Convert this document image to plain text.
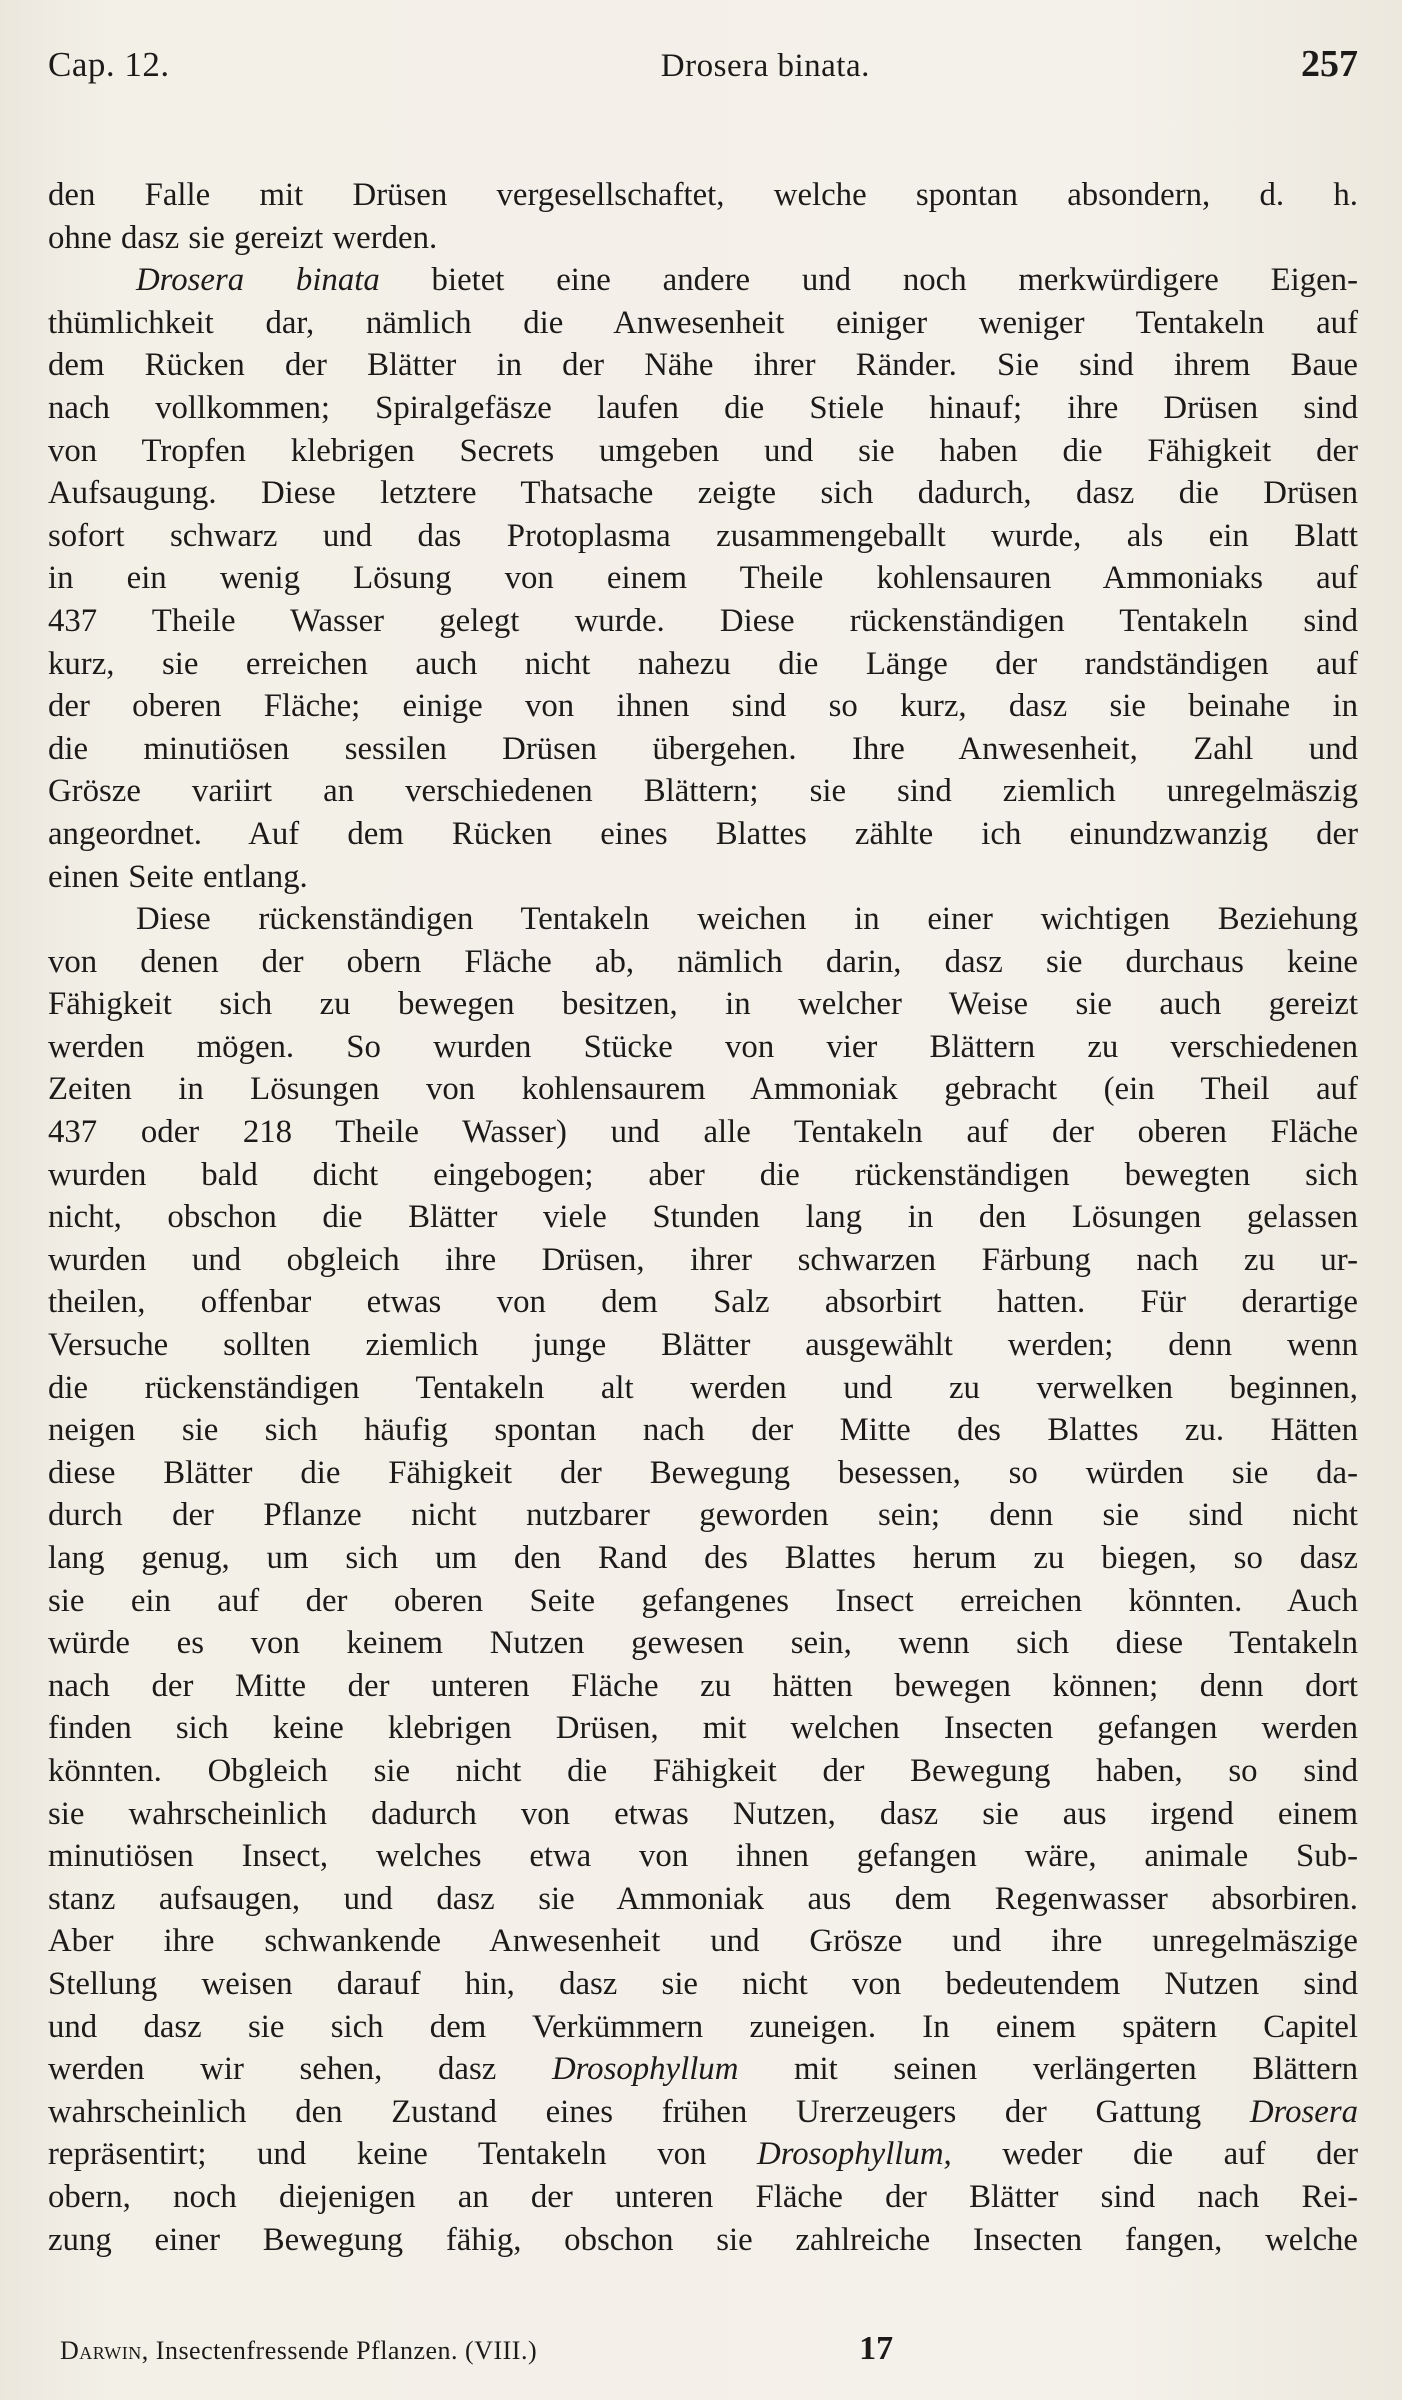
Cap. 12.	Drosera binata.	257
den Falle mit Drüsen vergesellschaftet, welche spontan absondern, d. h.
ohne dasz sie gereizt werden.
Drosera binata bietet eine andere und noch merkwürdigere Eigen-
thümlichkeit dar, nämlich die Anwesenheit einiger weniger Tentakeln auf
dem Rücken der Blätter in der Nähe ihrer Ränder. Sie sind ihrem Baue
nach vollkommen; Spiralgefäsze laufen die Stiele hinauf; ihre Drüsen sind
von Tropfen klebrigen Secrets umgeben und sie haben die Fähigkeit der
Aufsaugung. Diese letztere Thatsache zeigte sich dadurch, dasz die Drüsen
sofort schwarz und das Protoplasma zusammengeballt wurde, als ein Blatt
in ein wenig Lösung von einem Theile kohlensauren Ammoniaks auf
437 Theile Wasser gelegt wurde. Diese rückenständigen Tentakeln sind
kurz, sie erreichen auch nicht nahezu die Länge der randständigen auf
der oberen Fläche; einige von ihnen sind so kurz, dasz sie beinahe in
die minutiösen sessilen Drüsen übergehen. Ihre Anwesenheit, Zahl und
Grösze variirt an verschiedenen Blättern; sie sind ziemlich unregelmäszig
angeordnet. Auf dem Rücken eines Blattes zählte ich einundzwanzig der
einen Seite entlang.
Diese rückenständigen Tentakeln weichen in einer wichtigen Beziehung
von denen der obern Fläche ab, nämlich darin, dasz sie durchaus keine
Fähigkeit sich zu bewegen besitzen, in welcher Weise sie auch gereizt
werden mögen. So wurden Stücke von vier Blättern zu verschiedenen
Zeiten in Lösungen von kohlensaurem Ammoniak gebracht (ein Theil auf
437 oder 218 Theile Wasser) und alle Tentakeln auf der oberen Fläche
wurden bald dicht eingebogen; aber die rückenständigen bewegten sich
nicht, obschon die Blätter viele Stunden lang in den Lösungen gelassen
wurden und obgleich ihre Drüsen, ihrer schwarzen Färbung nach zu ur-
theilen, offenbar etwas von dem Salz absorbirt hatten. Für derartige
Versuche sollten ziemlich junge Blätter ausgewählt werden; denn wenn
die rückenständigen Tentakeln alt werden und zu verwelken beginnen,
neigen sie sich häufig spontan nach der Mitte des Blattes zu. Hätten
diese Blätter die Fähigkeit der Bewegung besessen, so würden sie da-
durch der Pflanze nicht nutzbarer geworden sein; denn sie sind nicht
lang genug, um sich um den Rand des Blattes herum zu biegen, so dasz
sie ein auf der oberen Seite gefangenes Insect erreichen könnten. Auch
würde es von keinem Nutzen gewesen sein, wenn sich diese Tentakeln
nach der Mitte der unteren Fläche zu hätten bewegen können; denn dort
finden sich keine klebrigen Drüsen, mit welchen Insecten gefangen werden
könnten. Obgleich sie nicht die Fähigkeit der Bewegung haben, so sind
sie wahrscheinlich dadurch von etwas Nutzen, dasz sie aus irgend einem
minutiösen Insect, welches etwa von ihnen gefangen wäre, animale Sub-
stanz aufsaugen, und dasz sie Ammoniak aus dem Regenwasser absorbiren.
Aber ihre schwankende Anwesenheit und Grösze und ihre unregelmäszige
Stellung weisen darauf hin, dasz sie nicht von bedeutendem Nutzen sind
und dasz sie sich dem Verkümmern zuneigen. In einem spätern Capitel
werden wir sehen, dasz Drosophyllum mit seinen verlängerten Blättern
wahrscheinlich den Zustand eines frühen Urerzeugers der Gattung Drosera
repräsentirt; und keine Tentakeln von Drosophyllum, weder die auf der
obern, noch diejenigen an der unteren Fläche der Blätter sind nach Rei-
zung einer Bewegung fähig, obschon sie zahlreiche Insecten fangen, welche
Darwin, Insectenfressende Pflanzen. (VIII.)	17
